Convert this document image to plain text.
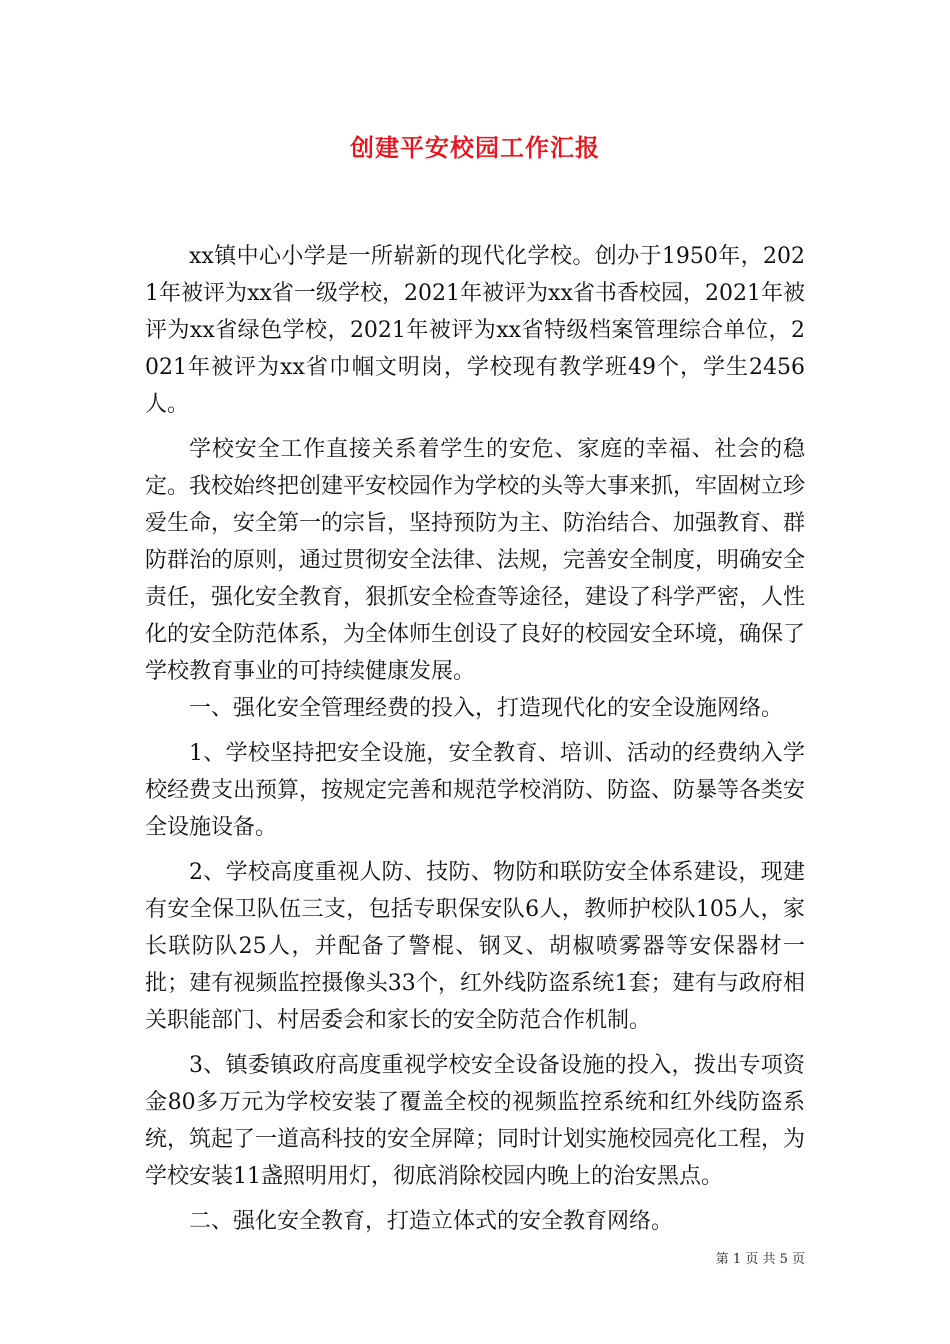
创建平安校园工作汇报

xx镇中心小学是一所崭新的现代化学校。创办于1950年，2021年被评为xx省一级学校，2021年被评为xx省书香校园，2021年被评为xx省绿色学校，2021年被评为xx省特级档案管理综合单位，2021年被评为xx省巾帼文明岗，学校现有教学班49个，学生2456人。

学校安全工作直接关系着学生的安危、家庭的幸福、社会的稳定。我校始终把创建平安校园作为学校的头等大事来抓，牢固树立珍爱生命，安全第一的宗旨，坚持预防为主、防治结合、加强教育、群防群治的原则，通过贯彻安全法律、法规，完善安全制度，明确安全责任，强化安全教育，狠抓安全检查等途径，建设了科学严密，人性化的安全防范体系，为全体师生创设了良好的校园安全环境，确保了学校教育事业的可持续健康发展。

一、强化安全管理经费的投入，打造现代化的安全设施网络。

1、学校坚持把安全设施，安全教育、培训、活动的经费纳入学校经费支出预算，按规定完善和规范学校消防、防盗、防暴等各类安全设施设备。

2、学校高度重视人防、技防、物防和联防安全体系建设，现建有安全保卫队伍三支，包括专职保安队6人，教师护校队105人，家长联防队25人，并配备了警棍、钢叉、胡椒喷雾器等安保器材一批；建有视频监控摄像头33个，红外线防盗系统1套；建有与政府相关职能部门、村居委会和家长的安全防范合作机制。

3、镇委镇政府高度重视学校安全设备设施的投入，拨出专项资金80多万元为学校安装了覆盖全校的视频监控系统和红外线防盗系统，筑起了一道高科技的安全屏障；同时计划实施校园亮化工程，为学校安装11盏照明用灯，彻底消除校园内晚上的治安黑点。

二、强化安全教育，打造立体式的安全教育网络。

第 1 页 共 5 页
